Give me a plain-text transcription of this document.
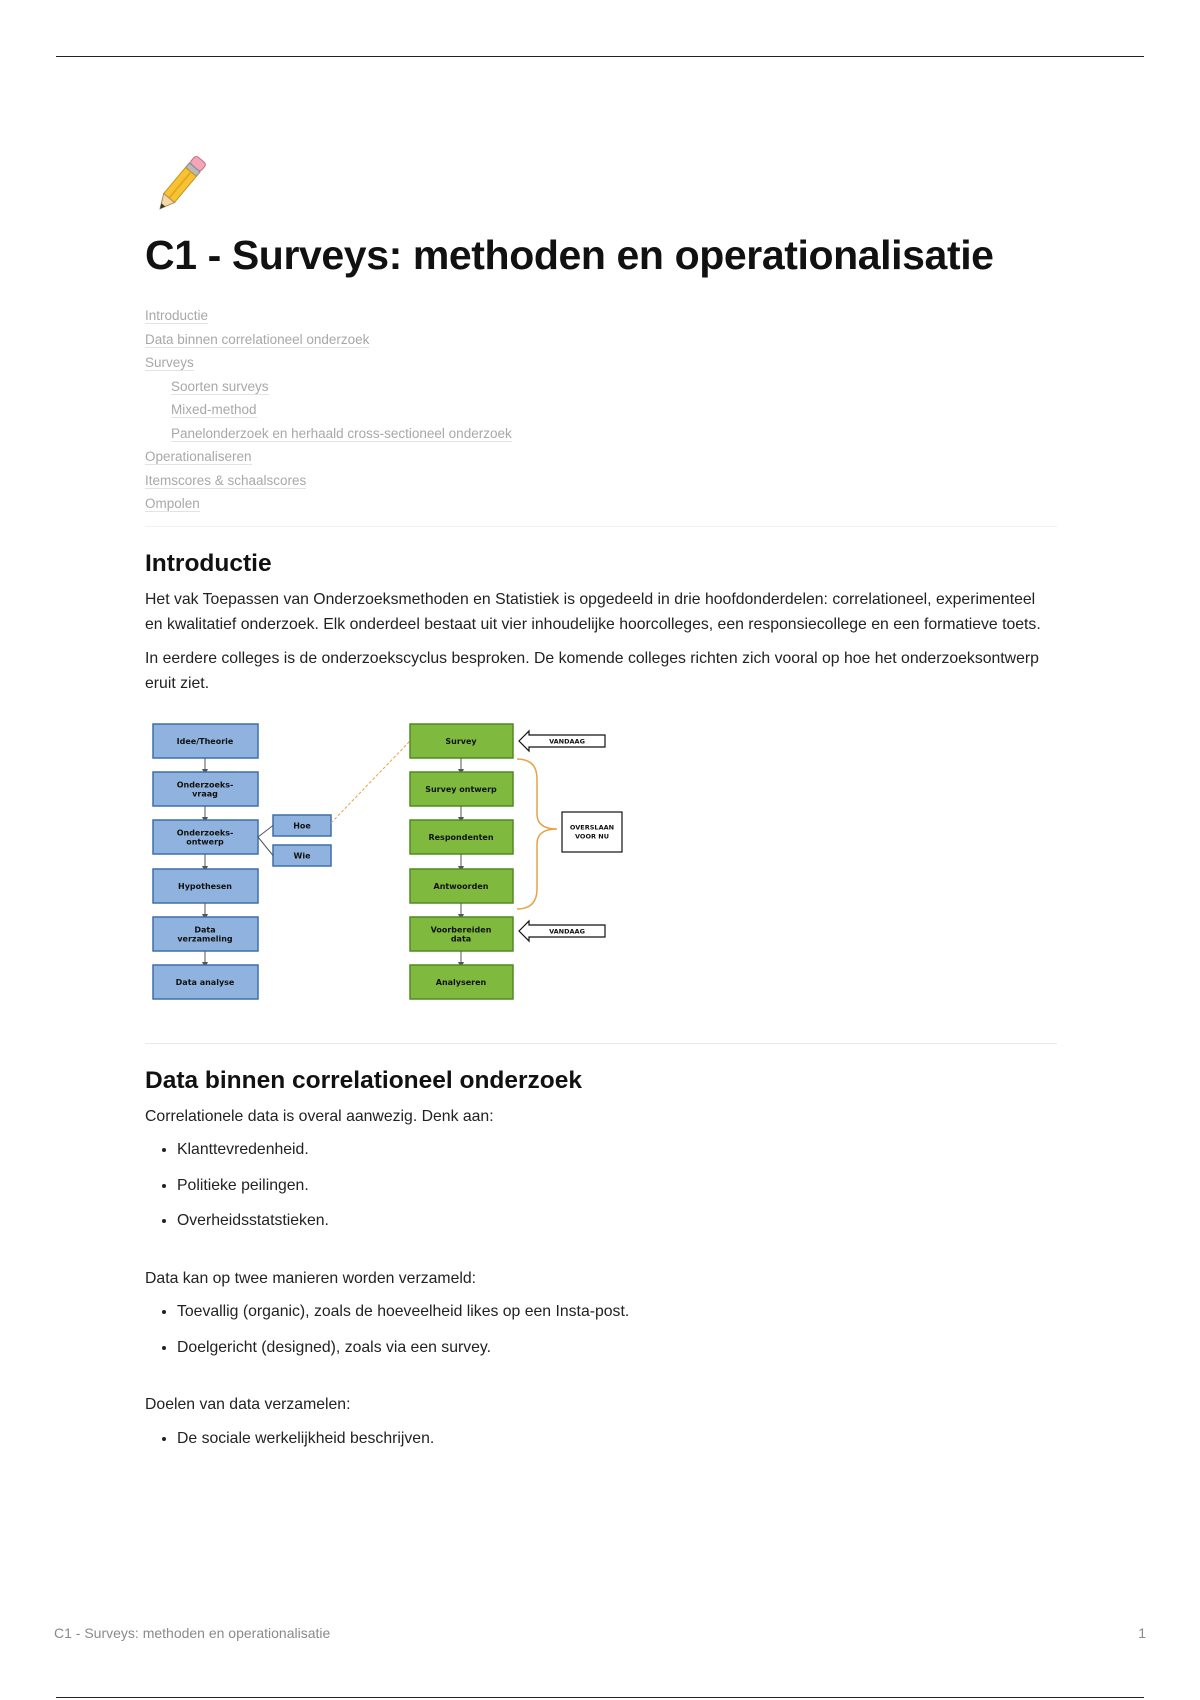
C1 - Surveys: methoden en operationalisatie
Introductie
Data binnen correlationeel onderzoek
Surveys
Soorten surveys
Mixed-method
Panelonderzoek en herhaald cross-sectioneel onderzoek
Operationaliseren
Itemscores & schaalscores
Ompolen
Introductie

Het vak Toepassen van Onderzoeksmethoden en Statistiek is opgedeeld in drie hoofdonderdelen: correlationeel, experimenteel en kwalitatief onderzoek. Elk onderdeel bestaat uit vier inhoudelijke hoorcolleges, een responsiecollege en een formatieve toets.

In eerdere colleges is de onderzoekscyclus besproken. De komende colleges richten zich vooral op hoe het onderzoeksontwerp eruit ziet.

Idee/Theorie
Onderzoeks-vraag
Onderzoeks-ontwerp
Hypothesen
Data verzameling
Data analyse
Hoe
Wie
Survey
Survey ontwerp
Respondenten
Antwoorden
Voorbereiden data
Analyseren
VANDAAG
VANDAAG
OVERSLAAN VOOR NU
Data binnen correlationeel onderzoek

Correlationele data is overal aanwezig. Denk aan:

• Klanttevredenheid.
• Politieke peilingen.
• Overheidsstatstieken.

Data kan op twee manieren worden verzameld:

• Toevallig (organic), zoals de hoeveelheid likes op een Insta-post.
• Doelgericht (designed), zoals via een survey.

Doelen van data verzamelen:

• De sociale werkelijkheid beschrijven.
C1 - Surveys: methoden en operationalisatie	1
